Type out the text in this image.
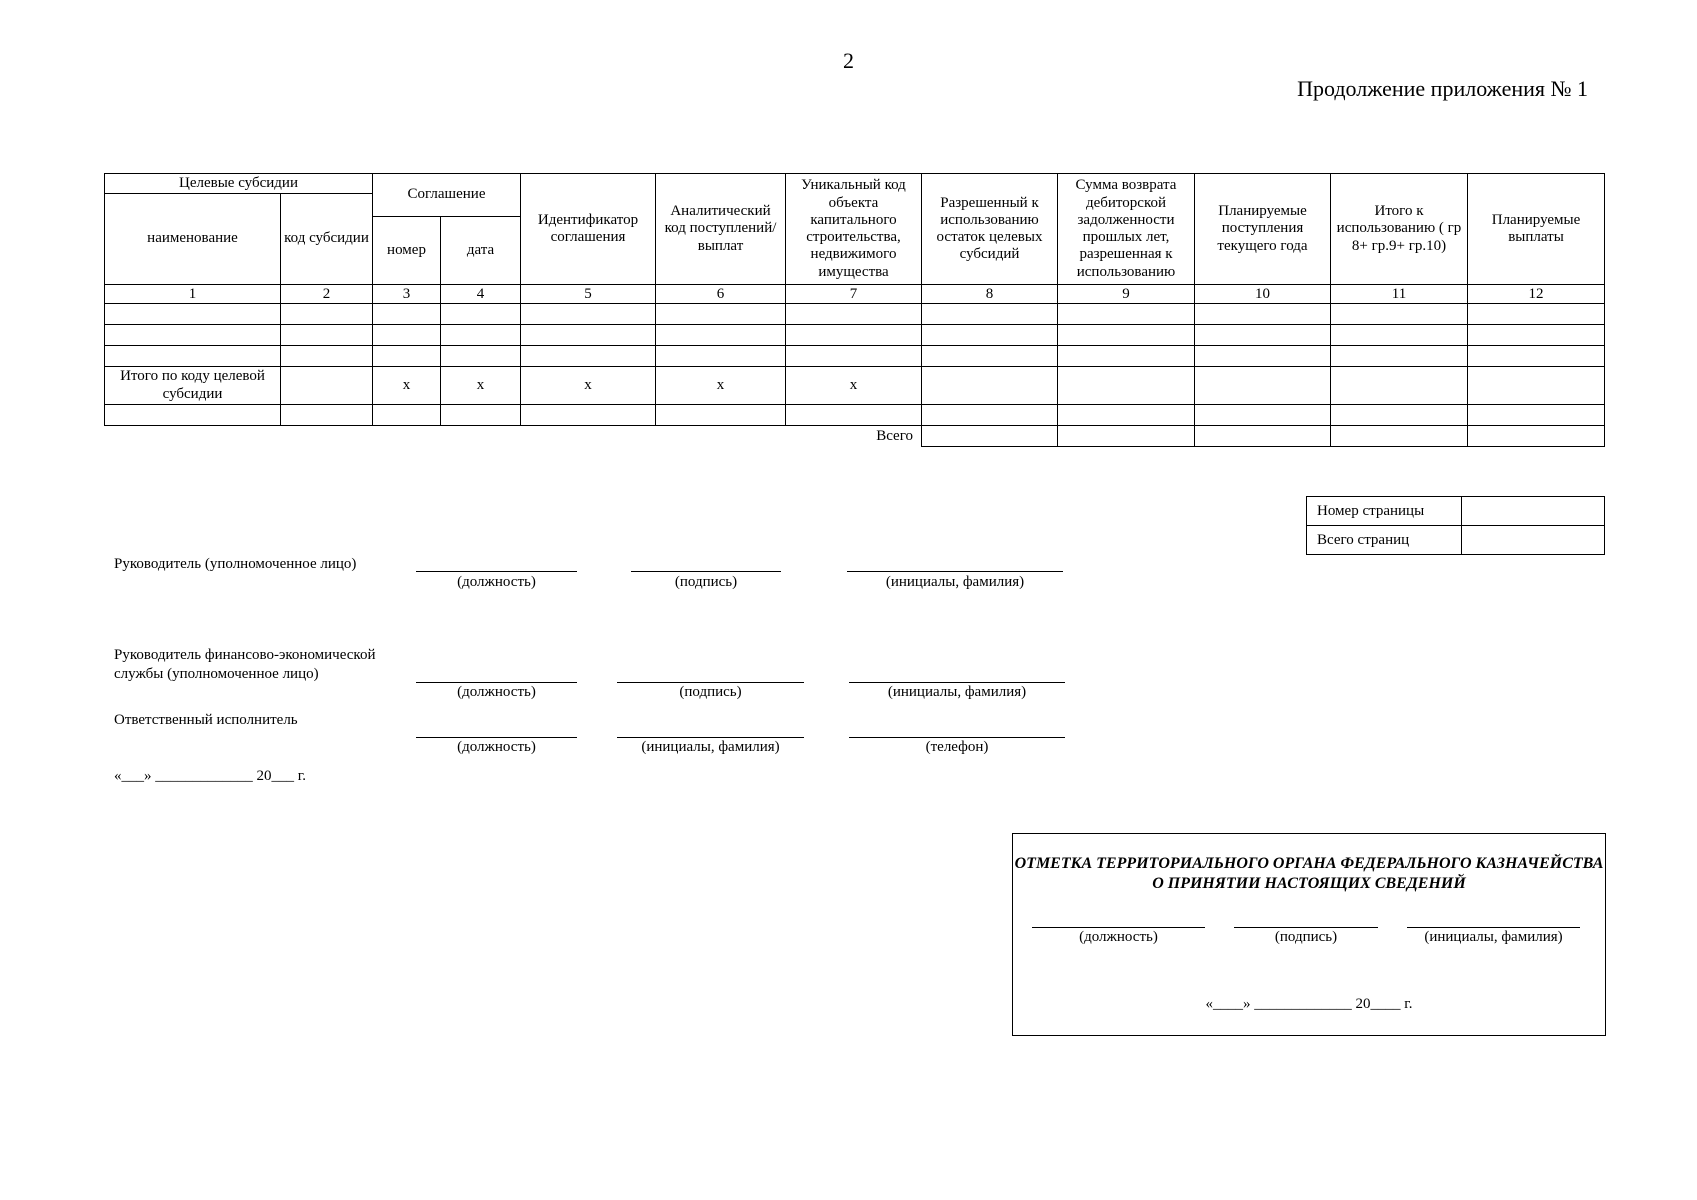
2
Продолжение приложения № 1
Целевые субсидии		Соглашение		Идентификатор соглашения	Аналитический код поступлений/ выплат	Уникальный код объекта капитального строительства, недвижимого имущества	Разрешенный к использованию остаток целевых субсидий	Сумма возврата дебиторской задолженности прошлых лет, разрешенная к использованию	Планируемые поступления текущего года	Итого к использованию ( гр 8+ гр.9+ гр.10)	Планируемые выплаты
наименование	код субсидии										
		номер	дата								
1	2	3	4	5	6	7	8	9	10	11	12

Итого по коду целевой субсидии		x	x	x	x	x					

Всего											
Номер страницы	
Всего страниц	
Руководитель (уполномоченное лицо)
(должность)	(подпись)	(инициалы, фамилия)
Руководитель финансово-экономической службы (уполномоченное лицо)
(должность)	(подпись)	(инициалы, фамилия)
Ответственный исполнитель
(должность)	(инициалы, фамилия)	(телефон)
«___» _____________ 20___ г.
ОТМЕТКА ТЕРРИТОРИАЛЬНОГО ОРГАНА ФЕДЕРАЛЬНОГО КАЗНАЧЕЙСТВА О ПРИНЯТИИ НАСТОЯЩИХ СВЕДЕНИЙ
(должность)	(подпись)	(инициалы, фамилия)
«____» _____________ 20____ г.
